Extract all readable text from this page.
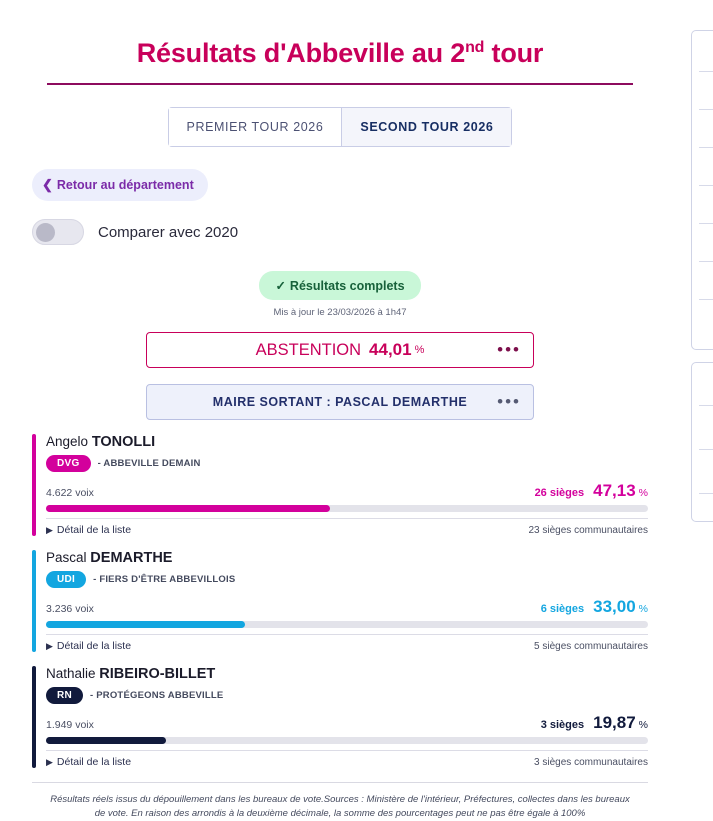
Résultats d'Abbeville au 2nd tour
PREMIER TOUR 2026	SECOND TOUR 2026
❮ Retour au département
Comparer avec 2020
✓ Résultats complets
Mis à jour le 23/03/2026 à 1h47
ABSTENTION 44,01 %	•••
MAIRE SORTANT : PASCAL DEMARTHE •••
Angelo TONOLLI
DVG	- ABBEVILLE DEMAIN
4.622 voix	26 sièges 47,13 %
▶ Détail de la liste	23 sièges communautaires
Pascal DEMARTHE
UDI	- FIERS D'ÊTRE ABBEVILLOIS
3.236 voix	6 sièges 33,00 %
▶ Détail de la liste	5 sièges communautaires
Nathalie RIBEIRO-BILLET
RN	- PROTÉGEONS ABBEVILLE
1.949 voix	3 sièges 19,87 %
▶ Détail de la liste	3 sièges communautaires
Résultats réels issus du dépouillement dans les bureaux de vote.Sources : Ministère de l'intérieur, Préfectures, collectes dans les bureaux de vote. En raison des arrondis à la deuxième décimale, la somme des pourcentages peut ne pas être égale à 100%
